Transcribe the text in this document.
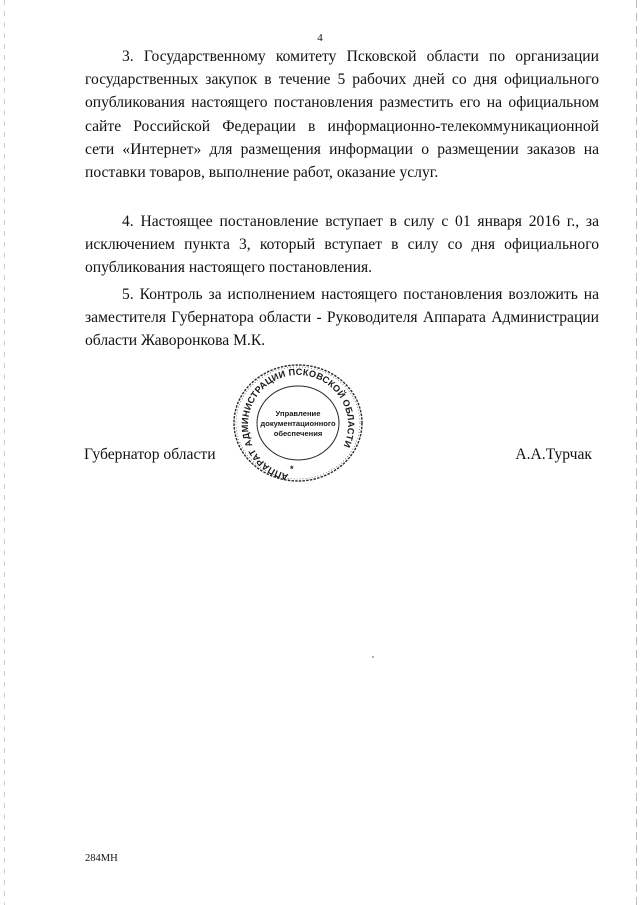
4

3. Государственному комитету Псковской области по организации государственных закупок в течение 5 рабочих дней со дня официального опубликования настоящего постановления разместить его на официальном сайте Российской Федерации в информационно-телекоммуникационной сети «Интернет» для размещения информации о размещении заказов на поставки товаров, выполнение работ, оказание услуг.

4. Настоящее постановление вступает в силу с 01 января 2016 г., за исключением пункта 3, который вступает в силу со дня официального опубликования настоящего постановления.

5. Контроль за исполнением настоящего постановления возложить на заместителя Губернатора области - Руководителя Аппарата Администрации области Жаворонкова М.К.

Губернатор области	А.А.Турчак
АППАРАТ АДМИНИСТРАЦИИ ПСКОВСКОЙ ОБЛАСТИ
Управление
документационного
обеспечения
*
284МН
